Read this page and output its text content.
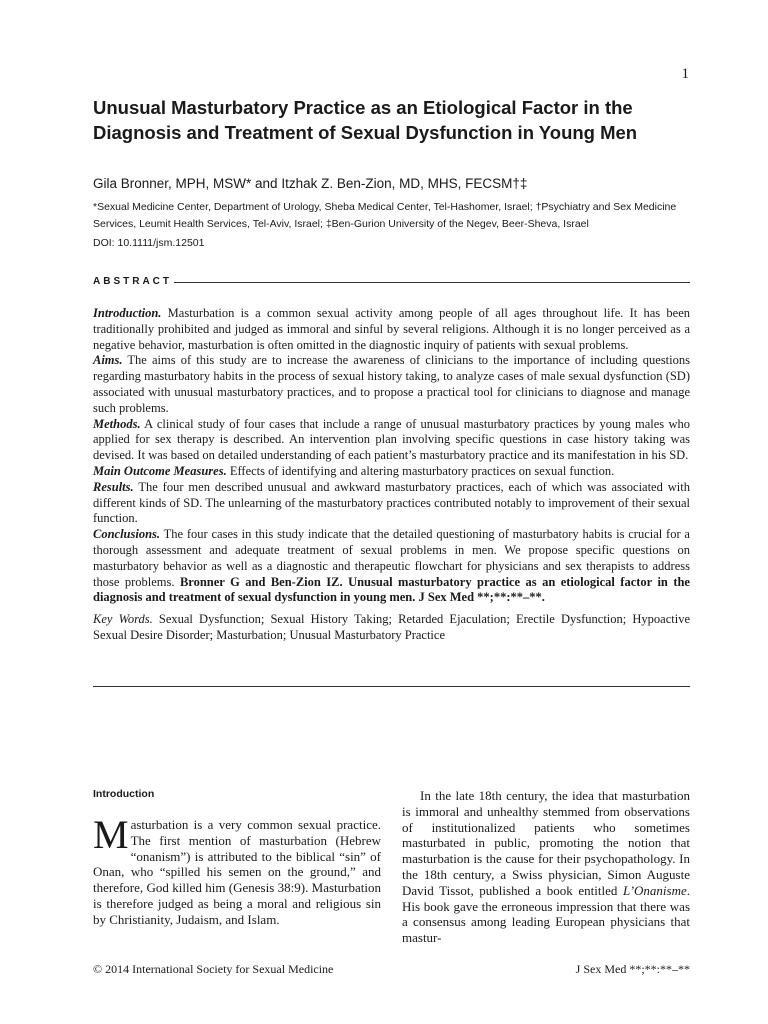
1
Unusual Masturbatory Practice as an Etiological Factor in the Diagnosis and Treatment of Sexual Dysfunction in Young Men
Gila Bronner, MPH, MSW* and Itzhak Z. Ben-Zion, MD, MHS, FECSM†‡
*Sexual Medicine Center, Department of Urology, Sheba Medical Center, Tel-Hashomer, Israel; †Psychiatry and Sex Medicine Services, Leumit Health Services, Tel-Aviv, Israel; ‡Ben-Gurion University of the Negev, Beer-Sheva, Israel
DOI: 10.1111/jsm.12501
ABSTRACT

Introduction. Masturbation is a common sexual activity among people of all ages throughout life. It has been traditionally prohibited and judged as immoral and sinful by several religions. Although it is no longer perceived as a negative behavior, masturbation is often omitted in the diagnostic inquiry of patients with sexual problems.

Aims. The aims of this study are to increase the awareness of clinicians to the importance of including questions regarding masturbatory habits in the process of sexual history taking, to analyze cases of male sexual dysfunction (SD) associated with unusual masturbatory practices, and to propose a practical tool for clinicians to diagnose and manage such problems.

Methods. A clinical study of four cases that include a range of unusual masturbatory practices by young males who applied for sex therapy is described. An intervention plan involving specific questions in case history taking was devised. It was based on detailed understanding of each patient’s masturbatory practice and its manifestation in his SD.

Main Outcome Measures. Effects of identifying and altering masturbatory practices on sexual function.

Results. The four men described unusual and awkward masturbatory practices, each of which was associated with different kinds of SD. The unlearning of the masturbatory practices contributed notably to improvement of their sexual function.

Conclusions. The four cases in this study indicate that the detailed questioning of masturbatory habits is crucial for a thorough assessment and adequate treatment of sexual problems in men. We propose specific questions on masturbatory behavior as well as a diagnostic and therapeutic flowchart for physicians and sex therapists to address those problems. Bronner G and Ben-Zion IZ. Unusual masturbatory practice as an etiological factor in the diagnosis and treatment of sexual dysfunction in young men. J Sex Med **;**:**–**.

Key Words. Sexual Dysfunction; Sexual History Taking; Retarded Ejaculation; Erectile Dysfunction; Hypoactive Sexual Desire Disorder; Masturbation; Unusual Masturbatory Practice

Introduction

Masturbation is a very common sexual practice. The first mention of masturbation (Hebrew “onanism”) is attributed to the biblical “sin” of Onan, who “spilled his semen on the ground,” and therefore, God killed him (Genesis 38:9). Masturbation is therefore judged as being a moral and religious sin by Christianity, Judaism, and Islam.

In the late 18th century, the idea that masturbation is immoral and unhealthy stemmed from observations of institutionalized patients who sometimes masturbated in public, promoting the notion that masturbation is the cause for their psychopathology. In the 18th century, a Swiss physician, Simon Auguste David Tissot, published a book entitled L’Onanisme. His book gave the erroneous impression that there was a consensus among leading European physicians that mastur-

© 2014 International Society for Sexual Medicine	J Sex Med **;**:**–**
